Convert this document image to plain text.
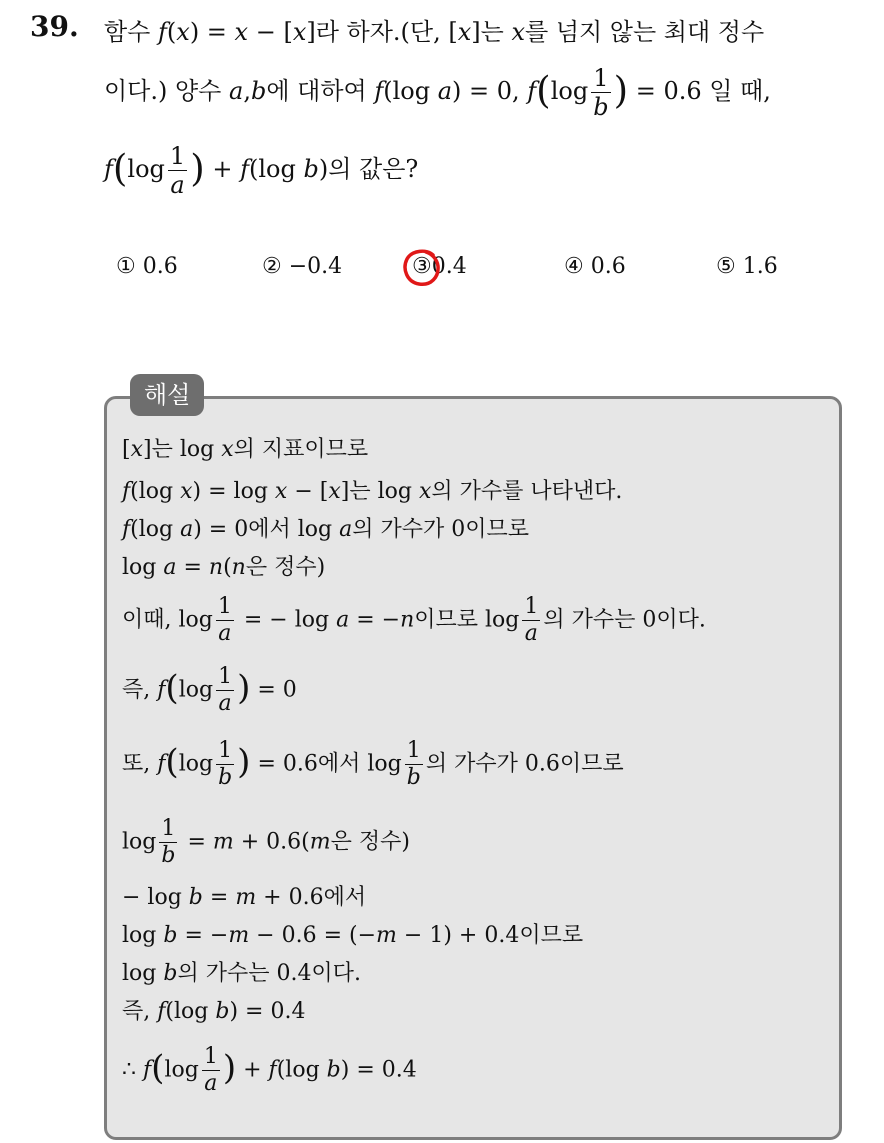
39. 함수 f(x) = x − [x]라 하자.(단, [x]는 x를 넘지 않는 최대 정수
이다.) 양수 a,b에 대하여 f(log a) = 0, $f(\log \frac{1}{b}$ ) = 0.6 일 때,
$f(\log \frac{1}{a}$ ) + f(log b)의 값은?
① 0.6	② −0.4	③0.4	④ 0.6	⑤ 1.6
해설
[x]는 log x의 지표이므로
f(log x) = log x − [x]는 log x의 가수를 나타낸다.
f(log a) = 0에서 log a의 가수가 0이므로
log a = n(n은 정수)
이때, $\log \frac{1}{a}$ = − log a = −n이므로 $\log \frac{1}{a}$ 의 가수는 0이다.
즉, $f(\log \frac{1}{a}$ ) = 0
또, $f(\log \frac{1}{b}$ ) = 0.6에서 $\log \frac{1}{b}$ 의 가수가 0.6이므로
$\log \frac{1}{b} = m + 0.6(m$은 정수)
− log b = m + 0.6에서
log b = −m − 0.6 = (−m − 1) + 0.4이므로
log b의 가수는 0.4이다.
즉, f(log b) = 0.4
∴ $f(\log \frac{1}{a}$ ) + f(log b) = 0.4
